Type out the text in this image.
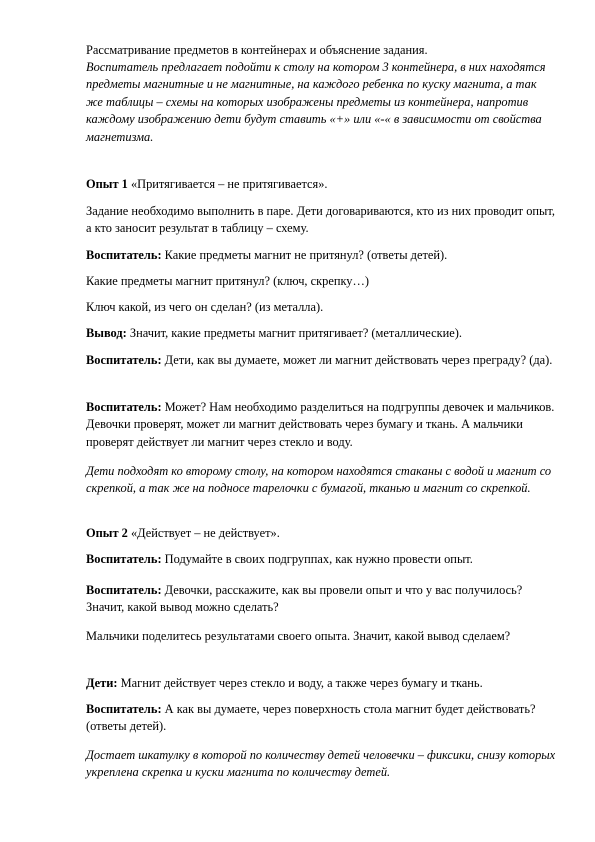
Рассматривание предметов в контейнерах и объяснение задания.

Воспитатель предлагает подойти к столу на котором 3 контейнера, в них находятся предметы магнитные и не магнитные, на каждого ребенка по куску магнита, а так же таблицы – схемы на которых изображены предметы из контейнера, напротив каждому изображению дети будут ставить «+» или «-« в зависимости от свойства магнетизма.

Опыт 1 «Притягивается – не притягивается».

Задание необходимо выполнить в паре. Дети договариваются, кто из них проводит опыт, а кто заносит результат в таблицу – схему.

Воспитатель: Какие предметы магнит не притянул? (ответы детей).

Какие предметы магнит притянул? (ключ, скрепку…)

Ключ какой, из чего он сделан? (из металла).

Вывод: Значит, какие предметы магнит притягивает? (металлические).

Воспитатель: Дети, как вы думаете, может ли магнит действовать через преграду? (да).

Воспитатель: Может? Нам необходимо разделиться на подгруппы девочек и мальчиков. Девочки проверят, может ли магнит действовать через бумагу и ткань. А мальчики проверят действует ли магнит через стекло и воду.

Дети подходят ко второму столу, на котором находятся стаканы с водой и магнит со скрепкой, а так же на подносе тарелочки с бумагой, тканью и магнит со скрепкой.

Опыт 2 «Действует – не действует».

Воспитатель: Подумайте в своих подгруппах, как нужно провести опыт.

Воспитатель: Девочки, расскажите, как вы провели опыт и что у вас получилось? Значит, какой вывод можно сделать?

Мальчики поделитесь результатами своего опыта. Значит, какой вывод сделаем?

Дети: Магнит действует через стекло и воду, а также через бумагу и ткань.

Воспитатель: А как вы думаете, через поверхность стола магнит будет действовать? (ответы детей).

Достает шкатулку в которой по количеству детей человечки – фиксики, снизу которых укреплена скрепка и куски магнита по количеству детей.
